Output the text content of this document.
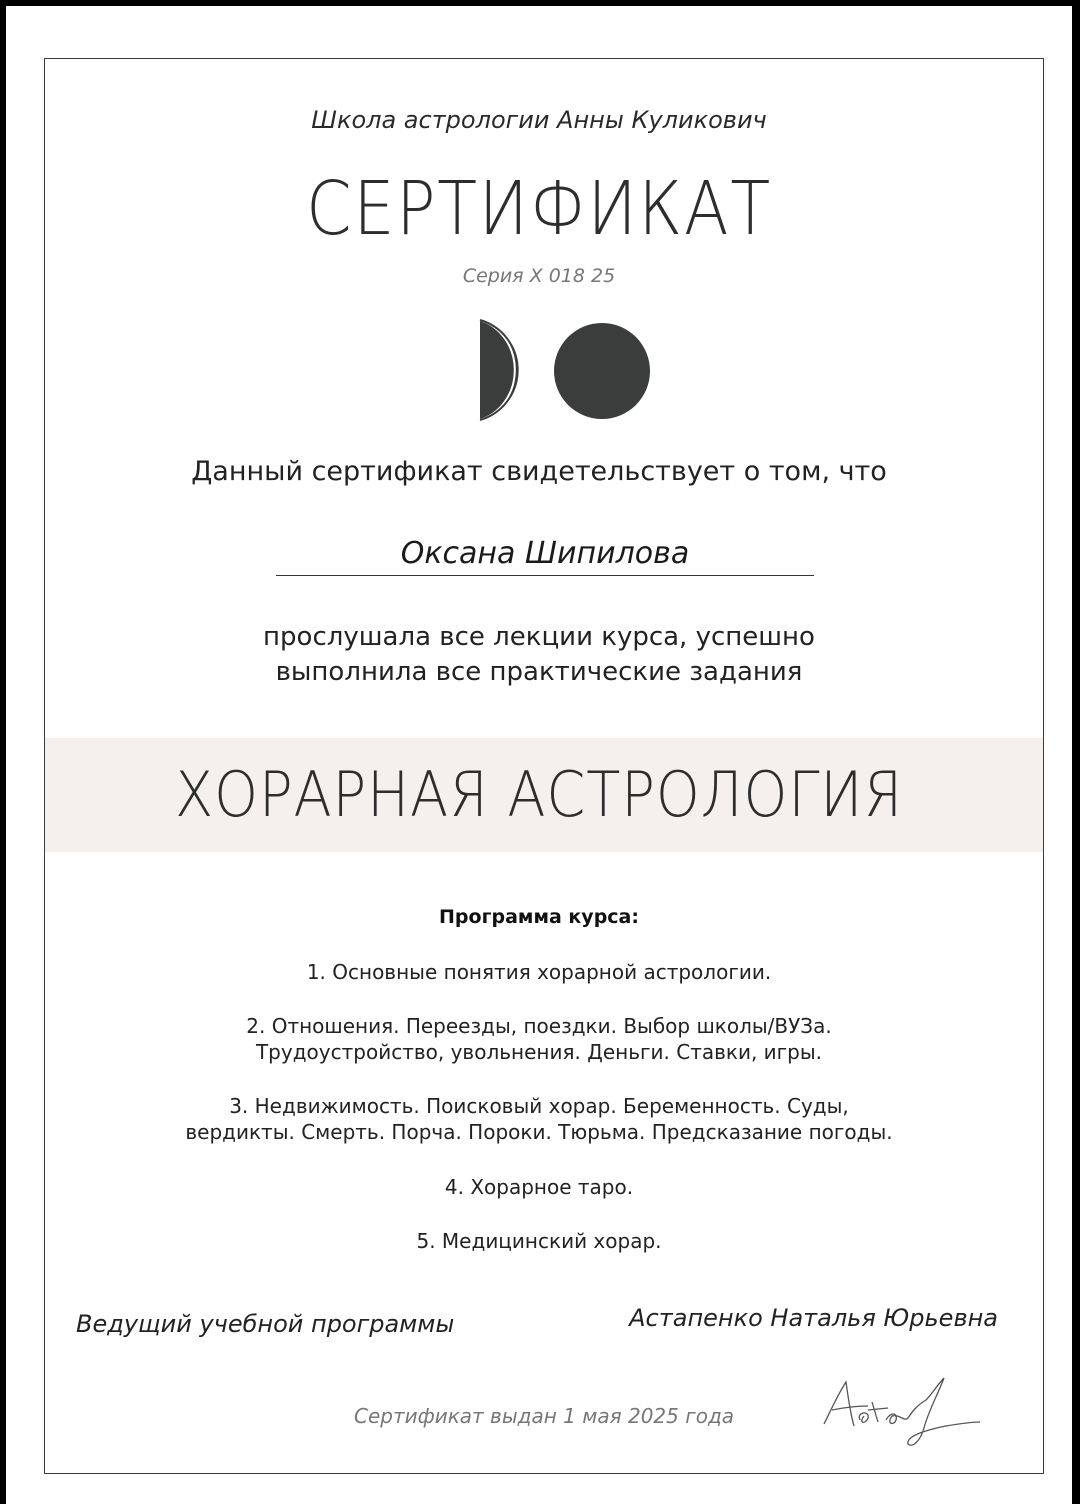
Школа астрологии Анны Куликович
СЕРТИФИКАТ
Серия Х 018 25
Данный сертификат свидетельствует о том, что
Оксана Шипилова
прослушала все лекции курса, успешно
выполнила все практические задания
ХОРАРНАЯ АСТРОЛОГИЯ
Программа курса:
1. Основные понятия хорарной астрологии.
2. Отношения. Переезды, поездки. Выбор школы/ВУЗа.
Трудоустройство, увольнения. Деньги. Ставки, игры.
3. Недвижимость. Поисковый хорар. Беременность. Суды,
вердикты. Смерть. Порча. Пороки. Тюрьма. Предсказание погоды.
4. Хорарное таро.
5. Медицинский хорар.
Ведущий учебной программы	Астапенко Наталья Юрьевна
Сертификат выдан 1 мая 2025 года
